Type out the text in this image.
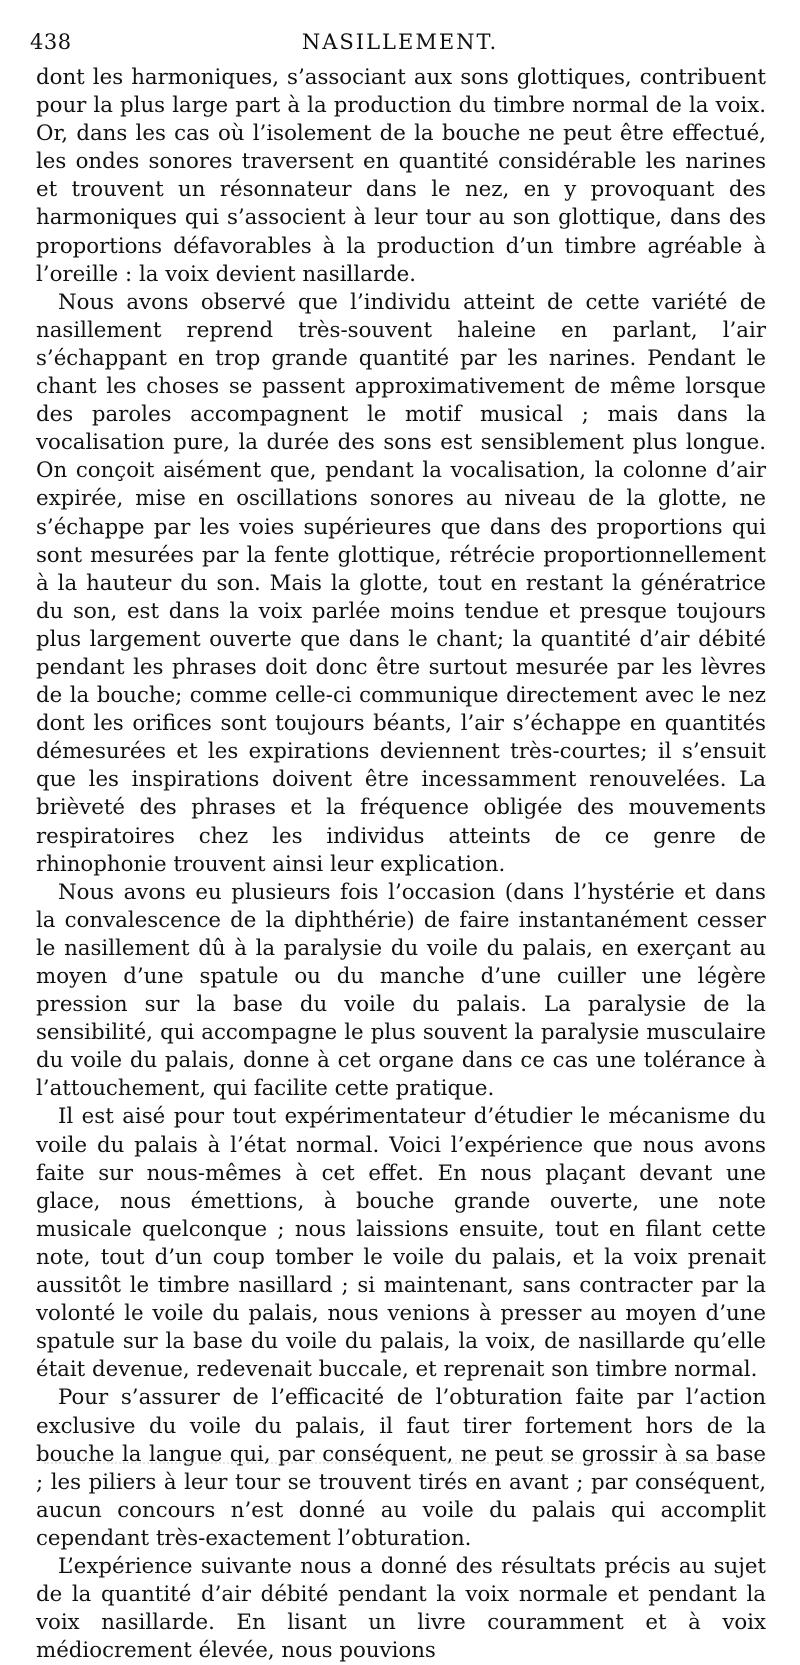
438	NASILLEMENT.

dont les harmoniques, s’associant aux sons glottiques, contribuent pour la plus large part à la production du timbre normal de la voix. Or, dans les cas où l’isolement de la bouche ne peut être effectué, les ondes sonores traversent en quantité considérable les narines et trouvent un résonnateur dans le nez, en y provoquant des harmoniques qui s’associent à leur tour au son glottique, dans des proportions défavorables à la production d’un timbre agréable à l’oreille : la voix devient nasillarde.

Nous avons observé que l’individu atteint de cette variété de nasillement reprend très-souvent haleine en parlant, l’air s’échappant en trop grande quantité par les narines. Pendant le chant les choses se passent approximativement de même lorsque des paroles accompagnent le motif musical ; mais dans la vocalisation pure, la durée des sons est sensiblement plus longue. On conçoit aisément que, pendant la vocalisation, la colonne d’air expirée, mise en oscillations sonores au niveau de la glotte, ne s’échappe par les voies supérieures que dans des proportions qui sont mesurées par la fente glottique, rétrécie proportionnellement à la hauteur du son. Mais la glotte, tout en restant la génératrice du son, est dans la voix parlée moins tendue et presque toujours plus largement ouverte que dans le chant; la quantité d’air débité pendant les phrases doit donc être surtout mesurée par les lèvres de la bouche; comme celle-ci communique directement avec le nez dont les orifices sont toujours béants, l’air s’échappe en quantités démesurées et les expirations deviennent très-courtes; il s’ensuit que les inspirations doivent être incessamment renouvelées. La brièveté des phrases et la fréquence obligée des mouvements respiratoires chez les individus atteints de ce genre de rhinophonie trouvent ainsi leur explication.

Nous avons eu plusieurs fois l’occasion (dans l’hystérie et dans la convalescence de la diphthérie) de faire instantanément cesser le nasillement dû à la paralysie du voile du palais, en exerçant au moyen d’une spatule ou du manche d’une cuiller une légère pression sur la base du voile du palais. La paralysie de la sensibilité, qui accompagne le plus souvent la paralysie musculaire du voile du palais, donne à cet organe dans ce cas une tolérance à l’attouchement, qui facilite cette pratique.

Il est aisé pour tout expérimentateur d’étudier le mécanisme du voile du palais à l’état normal. Voici l’expérience que nous avons faite sur nous-mêmes à cet effet. En nous plaçant devant une glace, nous émettions, à bouche grande ouverte, une note musicale quelconque ; nous laissions ensuite, tout en filant cette note, tout d’un coup tomber le voile du palais, et la voix prenait aussitôt le timbre nasillard ; si maintenant, sans contracter par la volonté le voile du palais, nous venions à presser au moyen d’une spatule sur la base du voile du palais, la voix, de nasillarde qu’elle était devenue, redevenait buccale, et reprenait son timbre normal.

Pour s’assurer de l’efficacité de l’obturation faite par l’action exclusive du voile du palais, il faut tirer fortement hors de la bouche la langue qui, par conséquent, ne peut se grossir à sa base ; les piliers à leur tour se trouvent tirés en avant ; par conséquent, aucun concours n’est donné au voile du palais qui accomplit cependant très-exactement l’obturation.

L’expérience suivante nous a donné des résultats précis au sujet de la quantité d’air débité pendant la voix normale et pendant la voix nasillarde. En lisant un livre couramment et à voix médiocrement élevée, nous pouvions
